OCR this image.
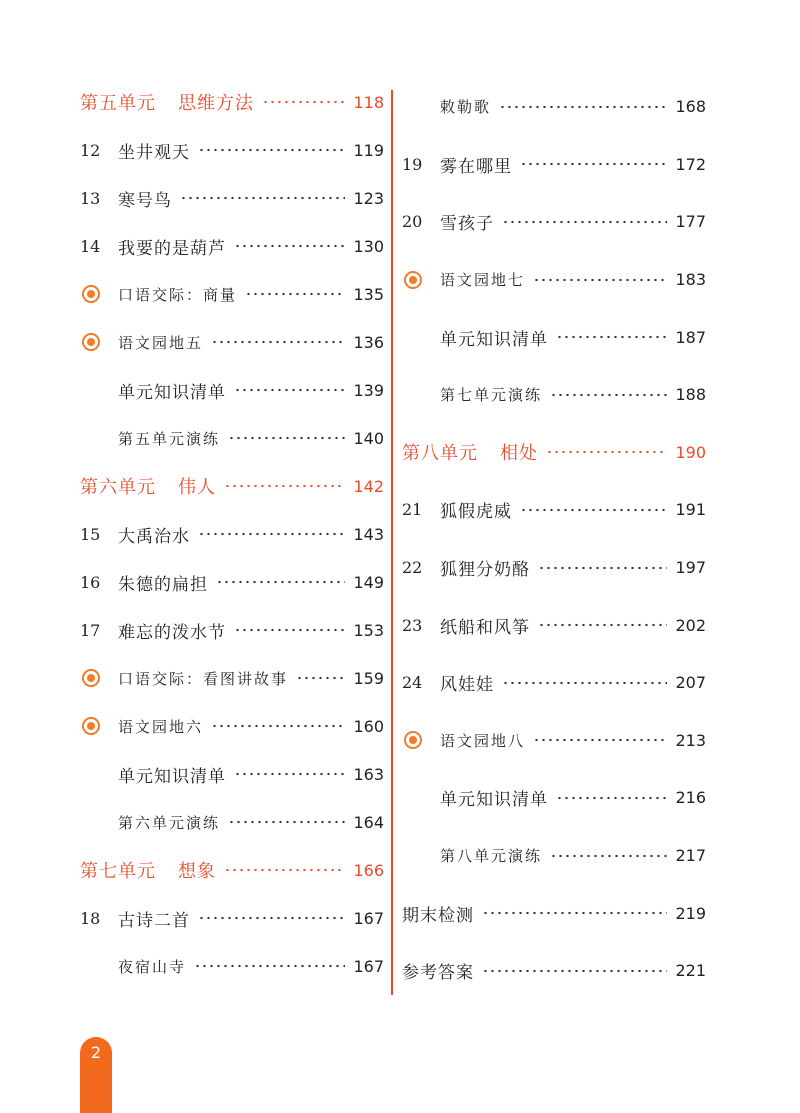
第五单元 思维方法	118
12	坐井观天	119
13	寒号鸟	123
14	我要的是葫芦	130
口语交际：商量	135
语文园地五	136
单元知识清单	139
第五单元演练	140
第六单元 伟人	142
15	大禹治水	143
16	朱德的扁担	149
17	难忘的泼水节	153
口语交际：看图讲故事	159
语文园地六	160
单元知识清单	163
第六单元演练	164
第七单元 想象	166
18	古诗二首	167
夜宿山寺	167
敕勒歌	168
19	雾在哪里	172
20	雪孩子	177
语文园地七	183
单元知识清单	187
第七单元演练	188
第八单元 相处	190
21	狐假虎威	191
22	狐狸分奶酪	197
23	纸船和风筝	202
24	风娃娃	207
语文园地八	213
单元知识清单	216
第八单元演练	217
期末检测	219
参考答案	221
2
